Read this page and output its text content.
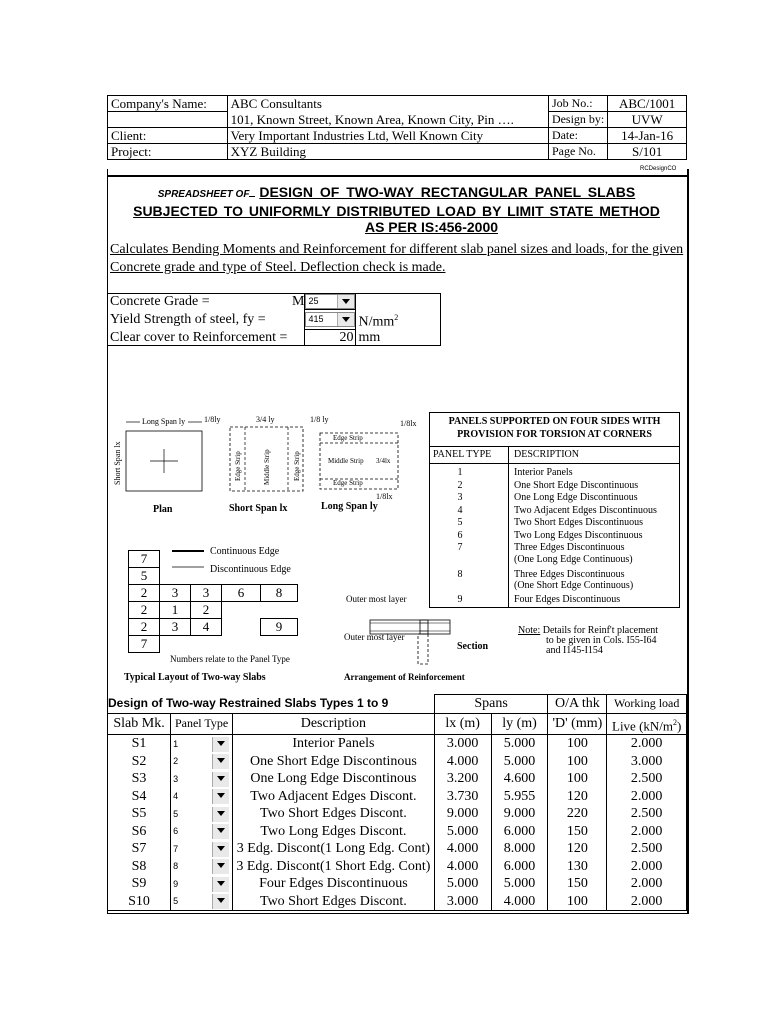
Company's Name:	ABC Consultants	Job No.:	ABC/1001
	101, Known Street, Known Area, Known City, Pin ….	Design by:	UVW
Client:	Very Important Industries Ltd, Well Known City	Date:	14-Jan-16
Project:	XYZ Building	Page No.	S/101
RCDesignCO
SPREADSHEET OF DESIGN OF TWO-WAY RECTANGULAR PANEL SLABS
SUBJECTED TO UNIFORMLY DISTRIBUTED LOAD BY LIMIT STATE METHOD
AS PER IS:456-2000
Calculates Bending Moments and Reinforcement for different slab panel sizes and loads, for the given
Concrete grade and type of Steel. Deflection check is made.
Concrete Grade =	M	25

Yield Strength of steel, fy =		415	$N/mm^2$
Clear cover to Reinforcement =		20	mm
Long Span ly
Short Span lx
Plan
1/8ly	3/4 ly	1/8 ly
Edge Strip	Middle Strip	Edge Strip
Short Span lx
1/8lx
Edge Strip
Middle Strip 3/4lx
Edge Strip
1/8lx
Long Span ly
Continuous Edge
Discontinuous Edge
Numbers relate to the Panel Type
Typical Layout of Two-way Slabs
Outer most layer
Outer most layer
Arrangement of Reinforcement
7				
5				
2	3	3	6	8
2	1	2		
2	3	4		9
7					Section
Note: Details for Reinf't placement
to be given in Cols. I55-I64
and I145-I154
PANELS SUPPORTED ON FOUR SIDES WITH
PROVISION FOR TORSION AT CORNERS
PANEL TYPE DESCRIPTION
1	Interior Panels
2	One Short Edge Discontinuous
3	One Long Edge Discontinuous
4	Two Adjacent Edges Discontinuous
5	Two Short Edges Discontinuous
6	Two Long Edges Discontinuous
7	Three Edges Discontinuous
(One Long Edge Continuous)
8	Three Edges Discontinuous
(One Short Edge Continuous)
9	Four Edges Discontinuous
Design of Two-way Restrained Slabs Types 1 to 9
			Spans		O/A thk	Working load
Slab Mk.	Panel Type	Description	lx (m)	ly (m)	'D' (mm)	Live $(kN/m^2)$
S1	1	Interior Panels	3.000	5.000	100	2.000
S2	2	One Short Edge Discontinous	4.000	5.000	100	3.000
S3	3	One Long Edge Discontinous	3.200	4.600	100	2.500
S4	4	Two Adjacent Edges Discont.	3.730	5.955	120	2.000
S5	5	Two Short Edges Discont.	9.000	9.000	220	2.500
S6	6	Two Long Edges Discont.	5.000	6.000	150	2.000
S7	7	3 Edg. Discont(1 Long Edg. Cont)	4.000	8.000	120	2.500
S8	8	3 Edg. Discont(1 Short Edg. Cont)	4.000	6.000	130	2.000
S9	9	Four Edges Discontinuous	5.000	5.000	150	2.000
S10	5	Two Short Edges Discont.	3.000	4.000	100	2.000
